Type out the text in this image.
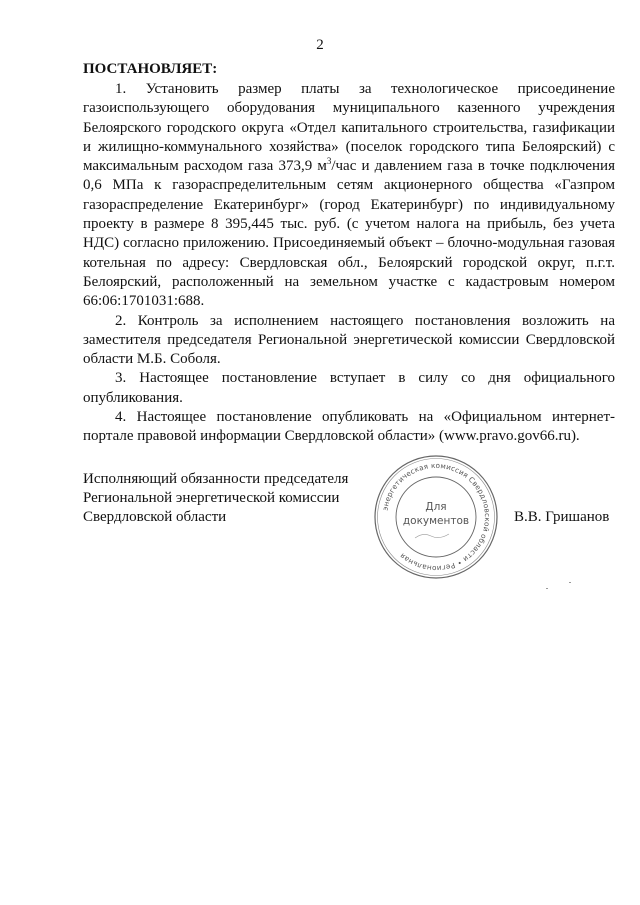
2
ПОСТАНОВЛЯЕТ:

1. Установить размер платы за технологическое присоединение газоиспользующего оборудования муниципального казенного учреждения Белоярского городского округа «Отдел капитального строительства, газификации и жилищно-коммунального хозяйства» (поселок городского типа Белоярский) с максимальным расходом газа 373,9 $м^3$/час и давлением газа в точке подключения 0,6 МПа к газораспределительным сетям акционерного общества «Газпром газораспределение Екатеринбург» (город Екатеринбург) по индивидуальному проекту в размере 8 395,445 тыс. руб. (с учетом налога на прибыль, без учета НДС) согласно приложению. Присоединяемый объект – блочно-модульная газовая котельная по адресу: Свердловская обл., Белоярский городской округ, п.г.т. Белоярский, расположенный на земельном участке с кадастровым номером 66:06:1701031:688.

2. Контроль за исполнением настоящего постановления возложить на заместителя председателя Региональной энергетической комиссии Свердловской области М.Б. Соболя.

3. Настоящее постановление вступает в силу со дня официального опубликования.

4. Настоящее постановление опубликовать на «Официальном интернет-портале правовой информации Свердловской области» (www.pravo.gov66.ru).

Исполняющий обязанности председателя
Региональной энергетической комиссии
Свердловской области
энергетическая комиссия Свердловской области • Региональная
Для
документов	В.В. Гришанов
